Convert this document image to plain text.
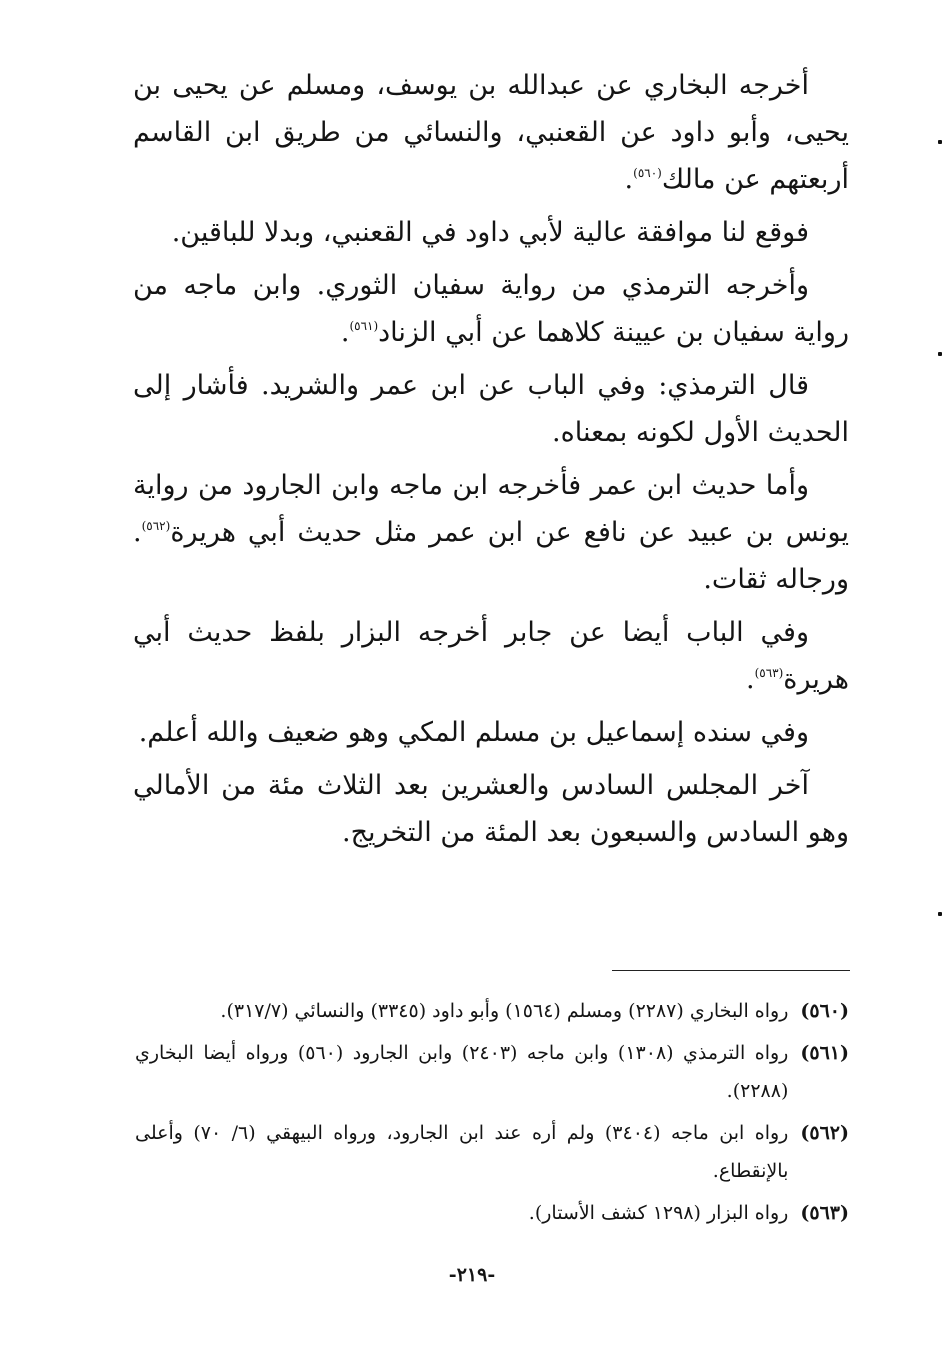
أخرجه البخاري عن عبدالله بن يوسف، ومسلم عن يحيى بن يحيى، وأبو داود عن القعنبي، والنسائي من طريق ابن القاسم أربعتهم عن مالك$^{(٥٦٠)}$.

فوقع لنا موافقة عالية لأبي داود في القعنبي، وبدلا للباقين.

وأخرجه الترمذي من رواية سفيان الثوري. وابن ماجه من رواية سفيان بن عيينة كلاهما عن أبي الزناد$^{(٥٦١)}$.

قال الترمذي: وفي الباب عن ابن عمر والشريد. فأشار إلى الحديث الأول لكونه بمعناه.

وأما حديث ابن عمر فأخرجه ابن ماجه وابن الجارود من رواية يونس بن عبيد عن نافع عن ابن عمر مثل حديث أبي هريرة$^{(٥٦٢)}$. ورجاله ثقات.

وفي الباب أيضا عن جابر أخرجه البزار بلفظ حديث أبي هريرة$^{(٥٦٣)}$.

وفي سنده إسماعيل بن مسلم المكي وهو ضعيف والله أعلم.

آخر المجلس السادس والعشرين بعد الثلاث مئة من الأمالي وهو السادس والسبعون بعد المئة من التخريج.

(٥٦٠)
رواه البخاري (٢٢٨٧) ومسلم (١٥٦٤) وأبو داود (٣٣٤٥) والنسائي (٣١٧/٧).
(٥٦١)
رواه الترمذي (١٣٠٨) وابن ماجه (٢٤٠٣) وابن الجارود (٥٦٠) ورواه أيضا البخاري (٢٢٨٨).
(٥٦٢)
رواه ابن ماجه (٣٤٠٤) ولم أره عند ابن الجارود، ورواه البيهقي (٦/ ٧٠) وأعلى بالإنقطاع.
(٥٦٣)
رواه البزار (١٢٩٨ كشف الأستار).
-٢١٩-
